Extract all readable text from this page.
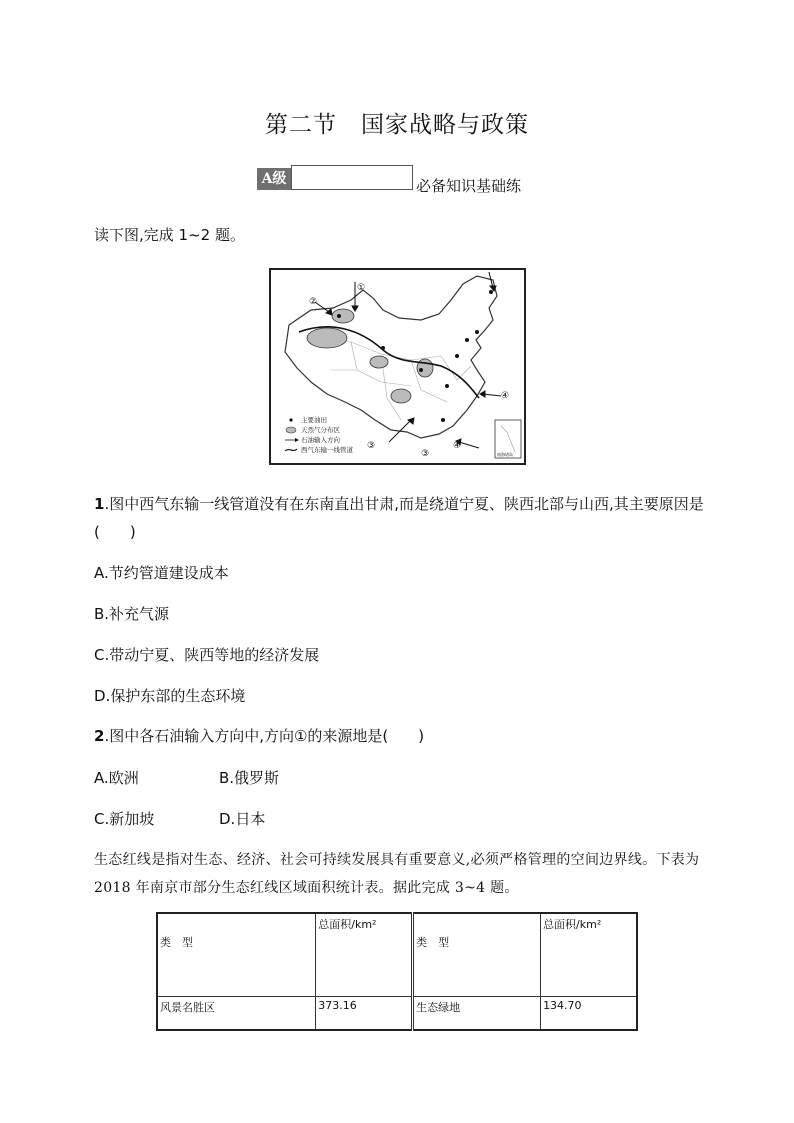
第二节　国家战略与政策
A级	必备知识基础练
读下图,完成 1~2 题。
①
②
③
④
③
④
主要油田
天然气分布区
石油输入方向
西气东输一线管道
南海诸岛
1.图中西气东输一线管道没有在东南直出甘肃,而是绕道宁夏、陕西北部与山西,其主要原因是(　　)
A.节约管道建设成本
B.补充气源
C.带动宁夏、陕西等地的经济发展
D.保护东部的生态环境
2.图中各石油输入方向中,方向①的来源地是(　　)
A.欧洲	B.俄罗斯
C.新加坡	D.日本
生态红线是指对生态、经济、社会可持续发展具有重要意义,必须严格管理的空间边界线。下表为 2018 年南京市部分生态红线区域面积统计表。据此完成 3~4 题。
类　型	总面积/km²	类　型	总面积/km²
风景名胜区	373.16	生态绿地	134.70
